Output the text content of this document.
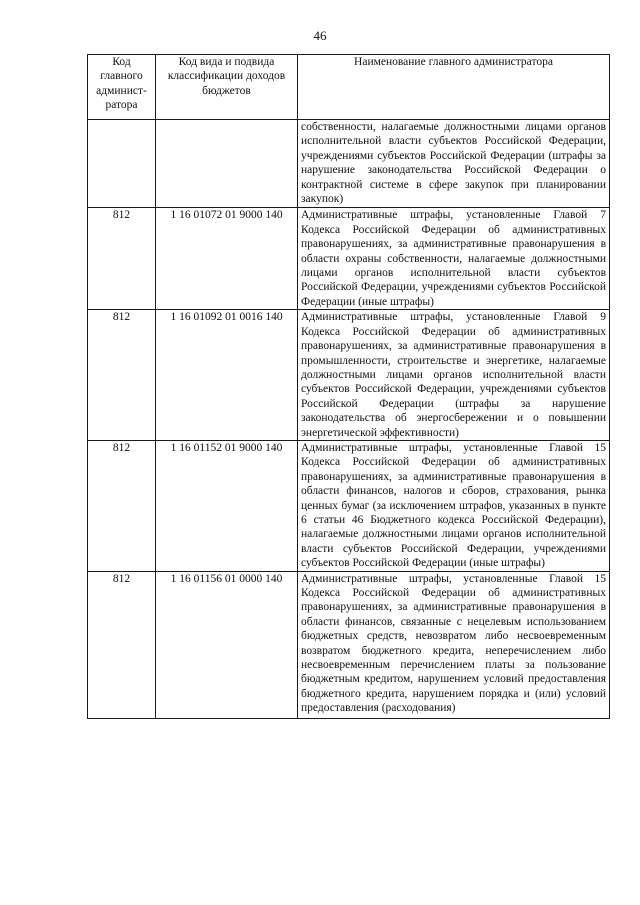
46
Код главного админист-ратора	Код вида и подвида классификации доходов бюджетов	Наименование главного администратора
		собственности, налагаемые должностными лицами органов исполнительной власти субъектов Российской Федерации, учреждениями субъектов Российской Федерации (штрафы за нарушение законодательства Российской Федерации о контрактной системе в сфере закупок при планировании закупок)
812	1 16 01072 01 9000 140	Административные штрафы, установленные Главой 7 Кодекса Российской Федерации об административных правонарушениях, за административные правонарушения в области охраны собственности, налагаемые должностными лицами органов исполнительной власти субъектов Российской Федерации, учреждениями субъектов Российской Федерации (иные штрафы)
812	1 16 01092 01 0016 140	Административные штрафы, установленные Главой 9 Кодекса Российской Федерации об административных правонарушениях, за административные правонарушения в промышленности, строительстве и энергетике, налагаемые должностными лицами органов исполнительной власти субъектов Российской Федерации, учреждениями субъектов Российской Федерации (штрафы за нарушение законодательства об энергосбережении и о повышении энергетической эффективности)
812	1 16 01152 01 9000 140	Административные штрафы, установленные Главой 15 Кодекса Российской Федерации об административных правонарушениях, за административные правонарушения в области финансов, налогов и сборов, страхования, рынка ценных бумаг (за исключением штрафов, указанных в пункте 6 статьи 46 Бюджетного кодекса Российской Федерации), налагаемые должностными лицами органов исполнительной власти субъектов Российской Федерации, учреждениями субъектов Российской Федерации (иные штрафы)
812	1 16 01156 01 0000 140	Административные штрафы, установленные Главой 15 Кодекса Российской Федерации об административных правонарушениях, за административные правонарушения в области финансов, связанные с нецелевым использованием бюджетных средств, невозвратом либо несвоевременным возвратом бюджетного кредита, неперечислением либо несвоевременным перечислением платы за пользование бюджетным кредитом, нарушением условий предоставления бюджетного кредита, нарушением порядка и (или) условий предоставления (расходования)
